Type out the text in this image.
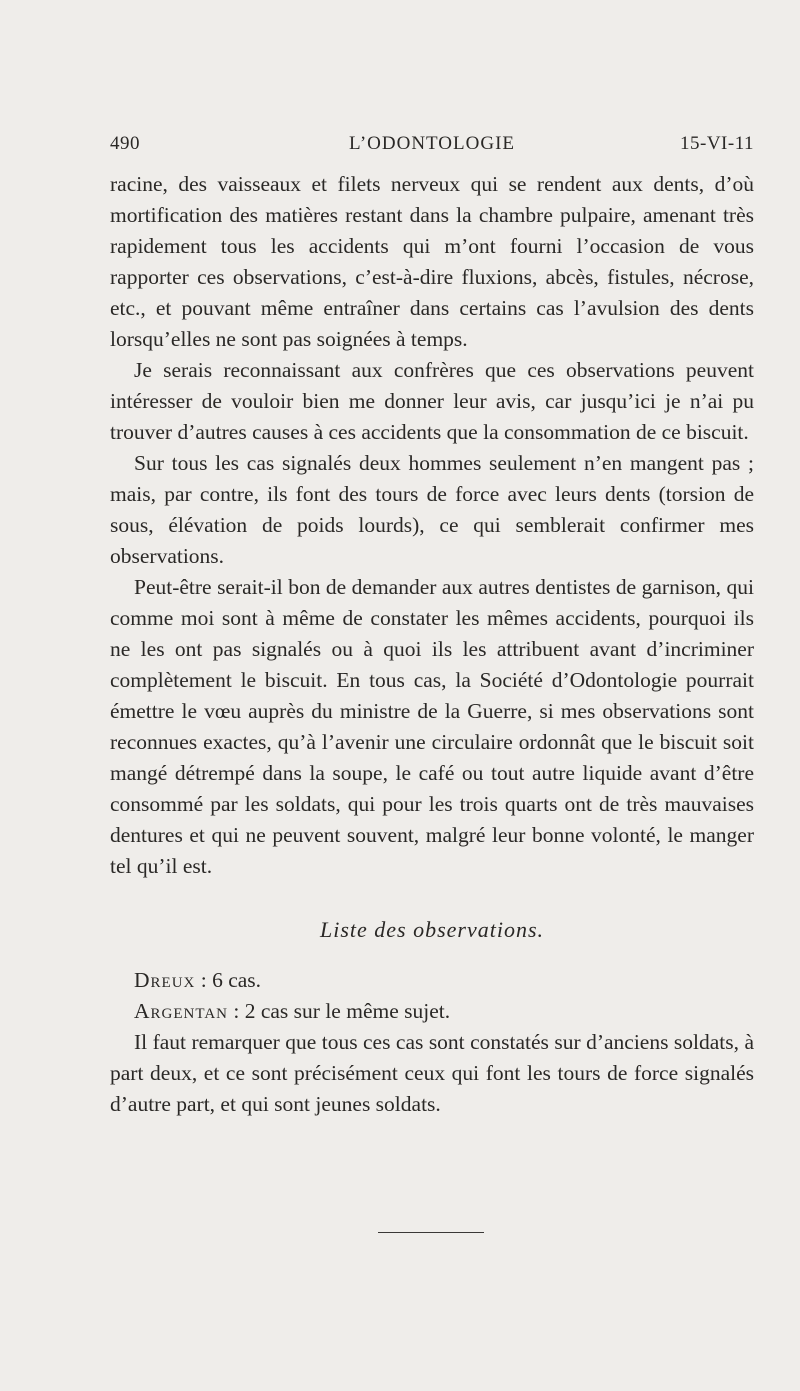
490	L’ODONTOLOGIE	15-VI-11

racine, des vaisseaux et filets nerveux qui se rendent aux dents, d’où mortification des matières restant dans la chambre pulpaire, amenant très rapidement tous les accidents qui m’ont fourni l’occasion de vous rapporter ces observations, c’est-à-dire fluxions, abcès, fistules, nécrose, etc., et pouvant même entraîner dans certains cas l’avulsion des dents lorsqu’elles ne sont pas soignées à temps.

Je serais reconnaissant aux confrères que ces observations peuvent intéresser de vouloir bien me donner leur avis, car jusqu’ici je n’ai pu trouver d’autres causes à ces accidents que la consommation de ce biscuit.

Sur tous les cas signalés deux hommes seulement n’en mangent pas ; mais, par contre, ils font des tours de force avec leurs dents (torsion de sous, élévation de poids lourds), ce qui semblerait confirmer mes observations.

Peut-être serait-il bon de demander aux autres dentistes de garnison, qui comme moi sont à même de constater les mêmes accidents, pourquoi ils ne les ont pas signalés ou à quoi ils les attribuent avant d’incriminer complètement le biscuit. En tous cas, la Société d’Odontologie pourrait émettre le vœu auprès du ministre de la Guerre, si mes observations sont reconnues exactes, qu’à l’avenir une circulaire ordonnât que le biscuit soit mangé détrempé dans la soupe, le café ou tout autre liquide avant d’être consommé par les soldats, qui pour les trois quarts ont de très mauvaises dentures et qui ne peuvent souvent, malgré leur bonne volonté, le manger tel qu’il est.

Liste des observations.

Dreux : 6 cas.

Argentan : 2 cas sur le même sujet.

Il faut remarquer que tous ces cas sont constatés sur d’anciens soldats, à part deux, et ce sont précisément ceux qui font les tours de force signalés d’autre part, et qui sont jeunes soldats.
